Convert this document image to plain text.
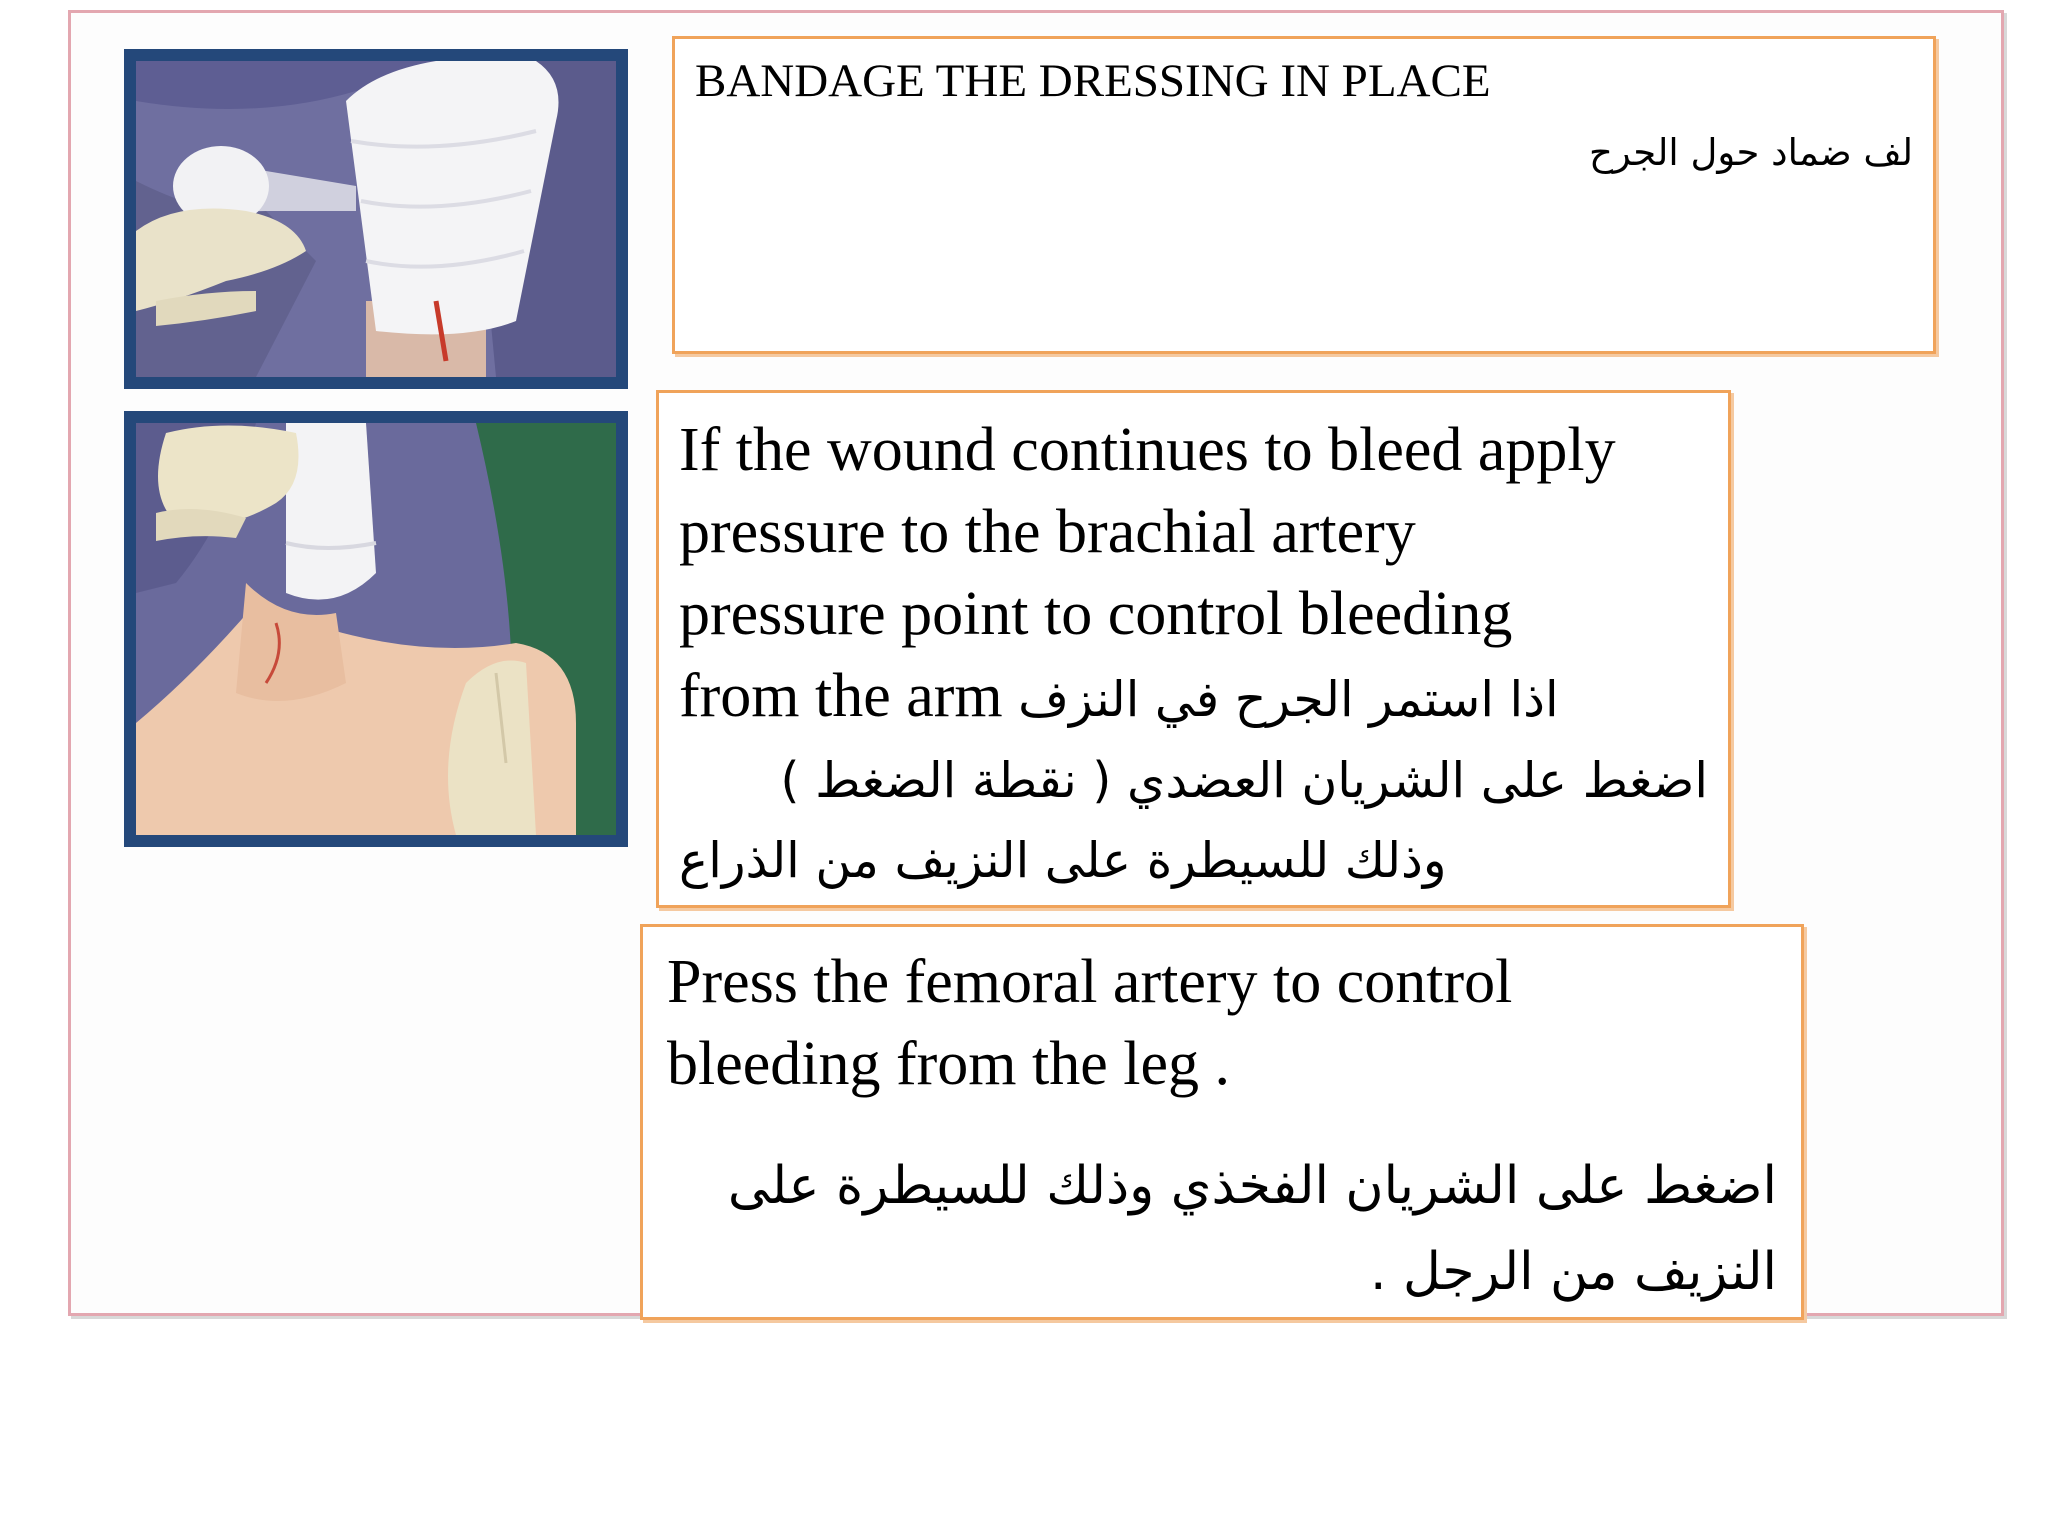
BANDAGE THE DRESSING IN PLACE

لف ضماد حول الجرح

If the wound continues to bleed apply
pressure to the brachial artery
pressure point to control bleeding
from the arm اذا استمر الجرح في النزف
اضغط على الشريان العضدي ( نقطة الضغط )
وذلك للسيطرة على النزيف من الذراع
Press the femoral artery to control
bleeding from the leg .
اضغط على الشريان الفخذي وذلك للسيطرة على
النزيف من الرجل .
